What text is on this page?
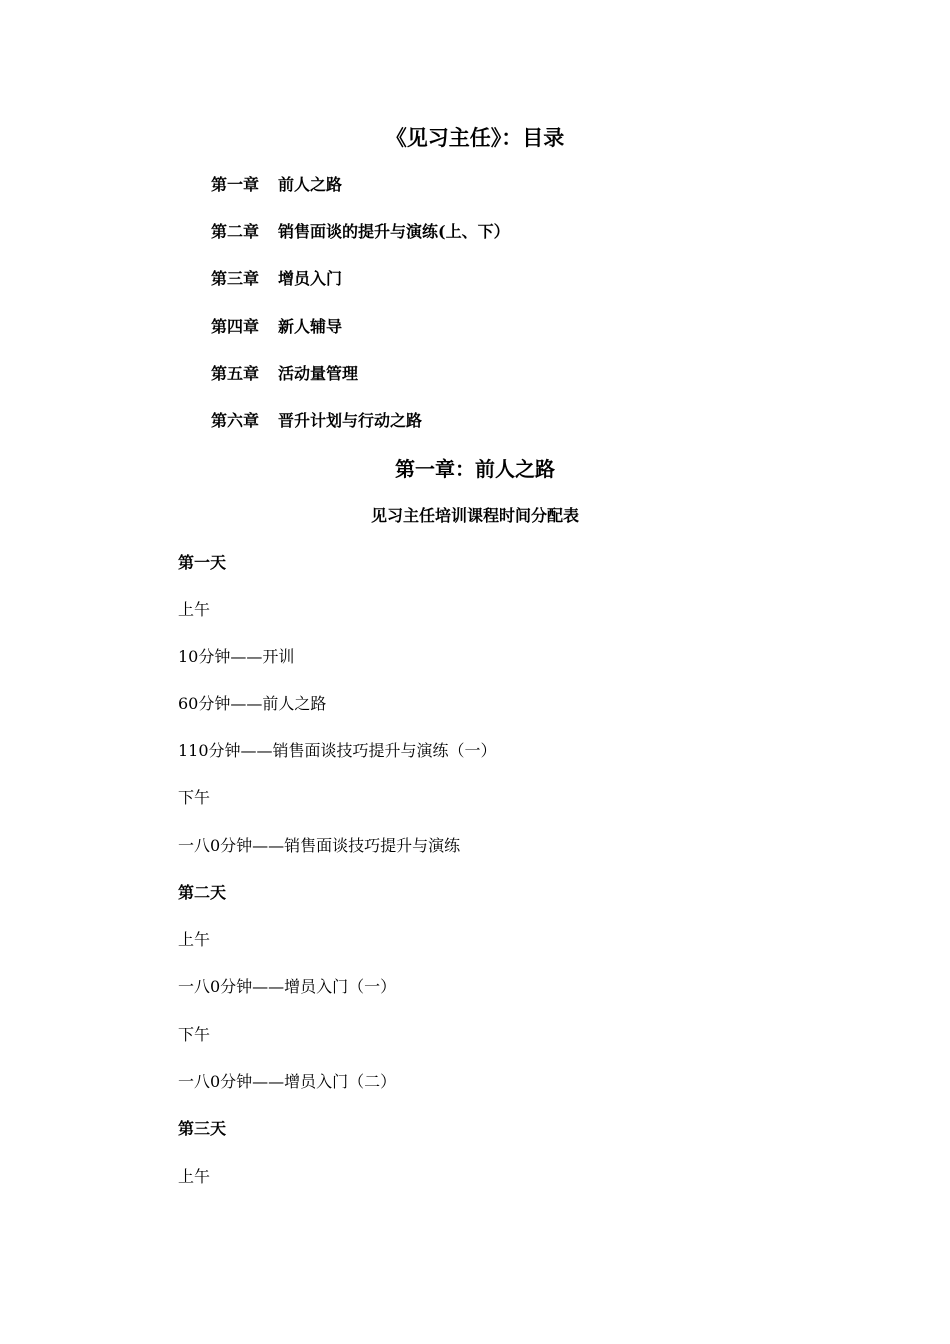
《见习主任》：目录
第一章 前人之路
第二章 销售面谈的提升与演练(上、下）
第三章 增员入门
第四章 新人辅导
第五章 活动量管理
第六章 晋升计划与行动之路
第一章：前人之路
见习主任培训课程时间分配表
第一天
上午
10分钟——开训
60分钟——前人之路
110分钟——销售面谈技巧提升与演练（一）
下午
一八0分钟——销售面谈技巧提升与演练
第二天
上午
一八0分钟——增员入门（一）
下午
一八0分钟——增员入门（二）
第三天
上午
